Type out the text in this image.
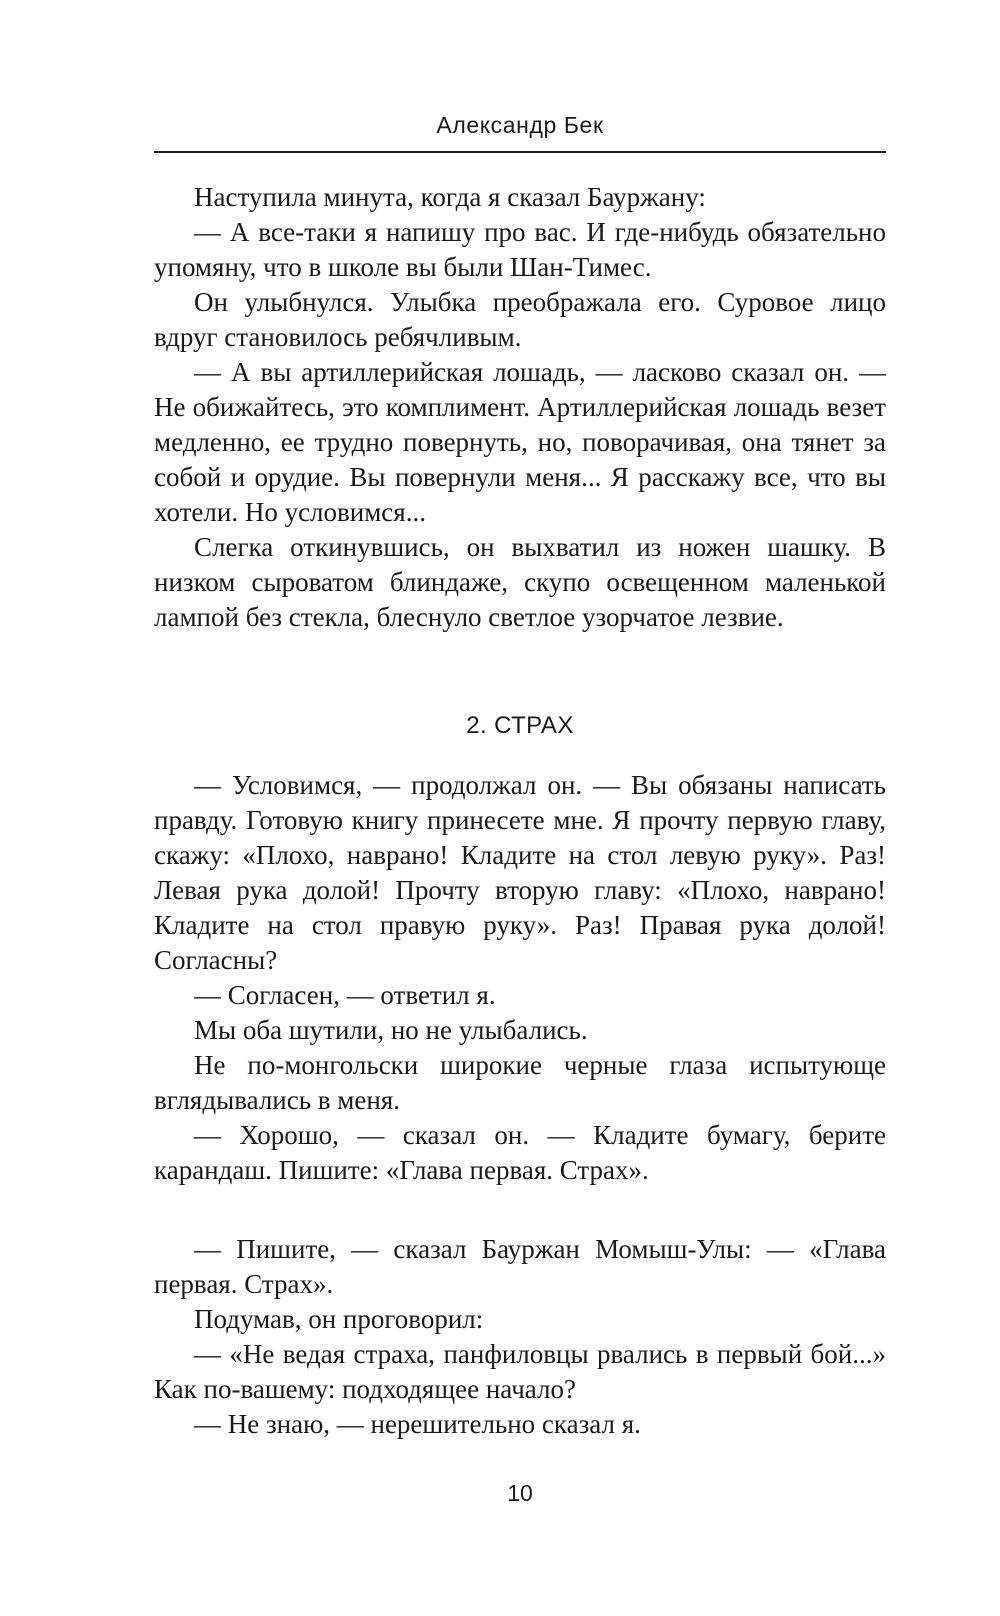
Александр Бек

Наступила минута, когда я сказал Бауржану:

— А все-таки я напишу про вас. И где-нибудь обязательно упомяну, что в школе вы были Шан-Тимес.

Он улыбнулся. Улыбка преображала его. Суровое лицо вдруг становилось ребячливым.

— А вы артиллерийская лошадь, — ласково сказал он. — Не обижайтесь, это комплимент. Артиллерийская лошадь везет медленно, ее трудно повернуть, но, поворачивая, она тянет за собой и орудие. Вы повернули меня... Я расскажу все, что вы хотели. Но условимся...

Слегка откинувшись, он выхватил из ножен шашку. В низком сыроватом блиндаже, скупо освещенном маленькой лампой без стекла, блеснуло светлое узорчатое лезвие.

2. СТРАХ

— Условимся, — продолжал он. — Вы обязаны написать правду. Готовую книгу принесете мне. Я прочту первую главу, скажу: «Плохо, наврано! Кладите на стол левую руку». Раз! Левая рука долой! Прочту вторую главу: «Плохо, наврано! Кладите на стол правую руку». Раз! Правая рука долой! Согласны?

— Согласен, — ответил я.

Мы оба шутили, но не улыбались.

Не по-монгольски широкие черные глаза испытующе вглядывались в меня.

— Хорошо, — сказал он. — Кладите бумагу, берите карандаш. Пишите: «Глава первая. Страх».

— Пишите, — сказал Бауржан Момыш-Улы: — «Глава первая. Страх».

Подумав, он проговорил:

— «Не ведая страха, панфиловцы рвались в первый бой...» Как по-вашему: подходящее начало?

— Не знаю, — нерешительно сказал я.

10
